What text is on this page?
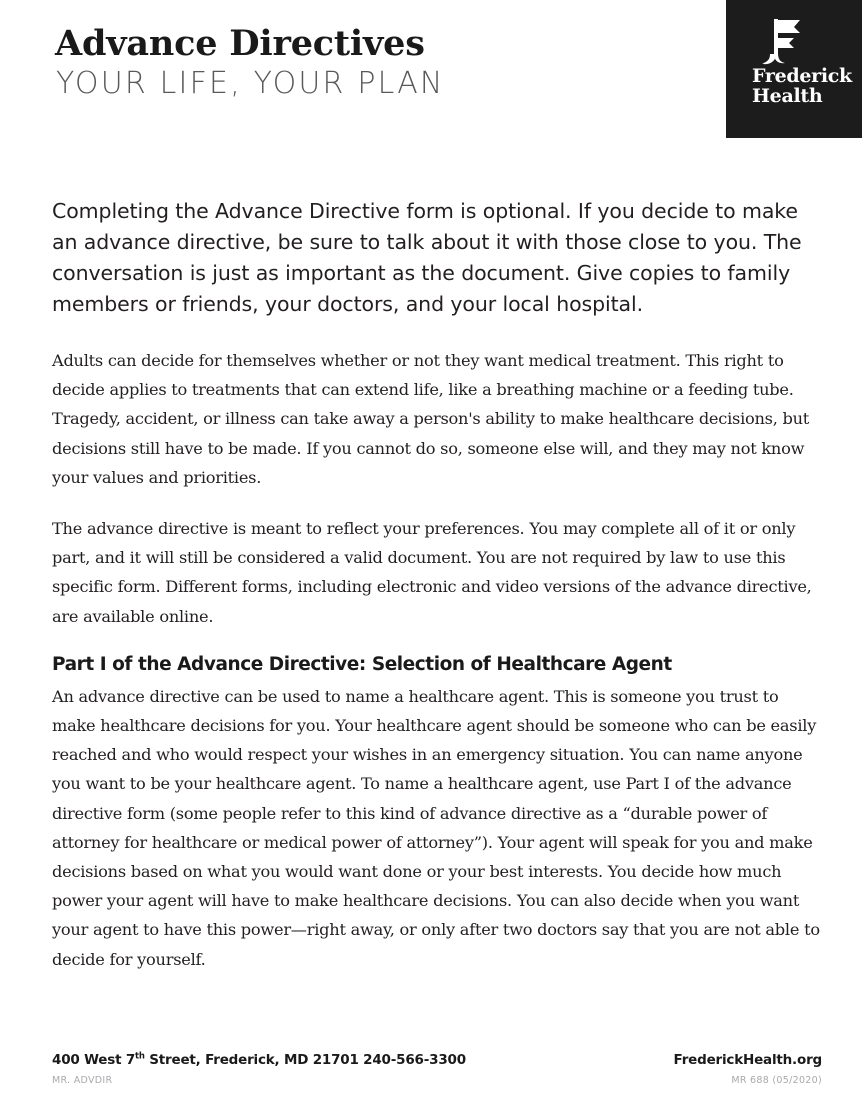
Advance Directives
YOUR LIFE, YOUR PLAN	Frederick
Health

Completing the Advance Directive form is optional. If you decide to make an advance directive, be sure to talk about it with those close to you. The conversation is just as important as the document. Give copies to family members or friends, your doctors, and your local hospital.

Adults can decide for themselves whether or not they want medical treatment. This right to decide applies to treatments that can extend life, like a breathing machine or a feeding tube. Tragedy, accident, or illness can take away a person's ability to make healthcare decisions, but decisions still have to be made. If you cannot do so, someone else will, and they may not know your values and priorities.

The advance directive is meant to reflect your preferences. You may complete all of it or only part, and it will still be considered a valid document. You are not required by law to use this specific form. Different forms, including electronic and video versions of the advance directive, are available online.

Part I of the Advance Directive: Selection of Healthcare Agent

An advance directive can be used to name a healthcare agent. This is someone you trust to make healthcare decisions for you. Your healthcare agent should be someone who can be easily reached and who would respect your wishes in an emergency situation. You can name anyone you want to be your healthcare agent. To name a healthcare agent, use Part I of the advance directive form (some people refer to this kind of advance directive as a “durable power of attorney for healthcare or medical power of attorney”). Your agent will speak for you and make decisions based on what you would want done or your best interests. You decide how much power your agent will have to make healthcare decisions. You can also decide when you want your agent to have this power—right away, or only after two doctors say that you are not able to decide for yourself.

400 West 7th Street, Frederick, MD 21701 240-566-3300
MR. ADVDIR
FrederickHealth.org
MR 688 (05/2020)
